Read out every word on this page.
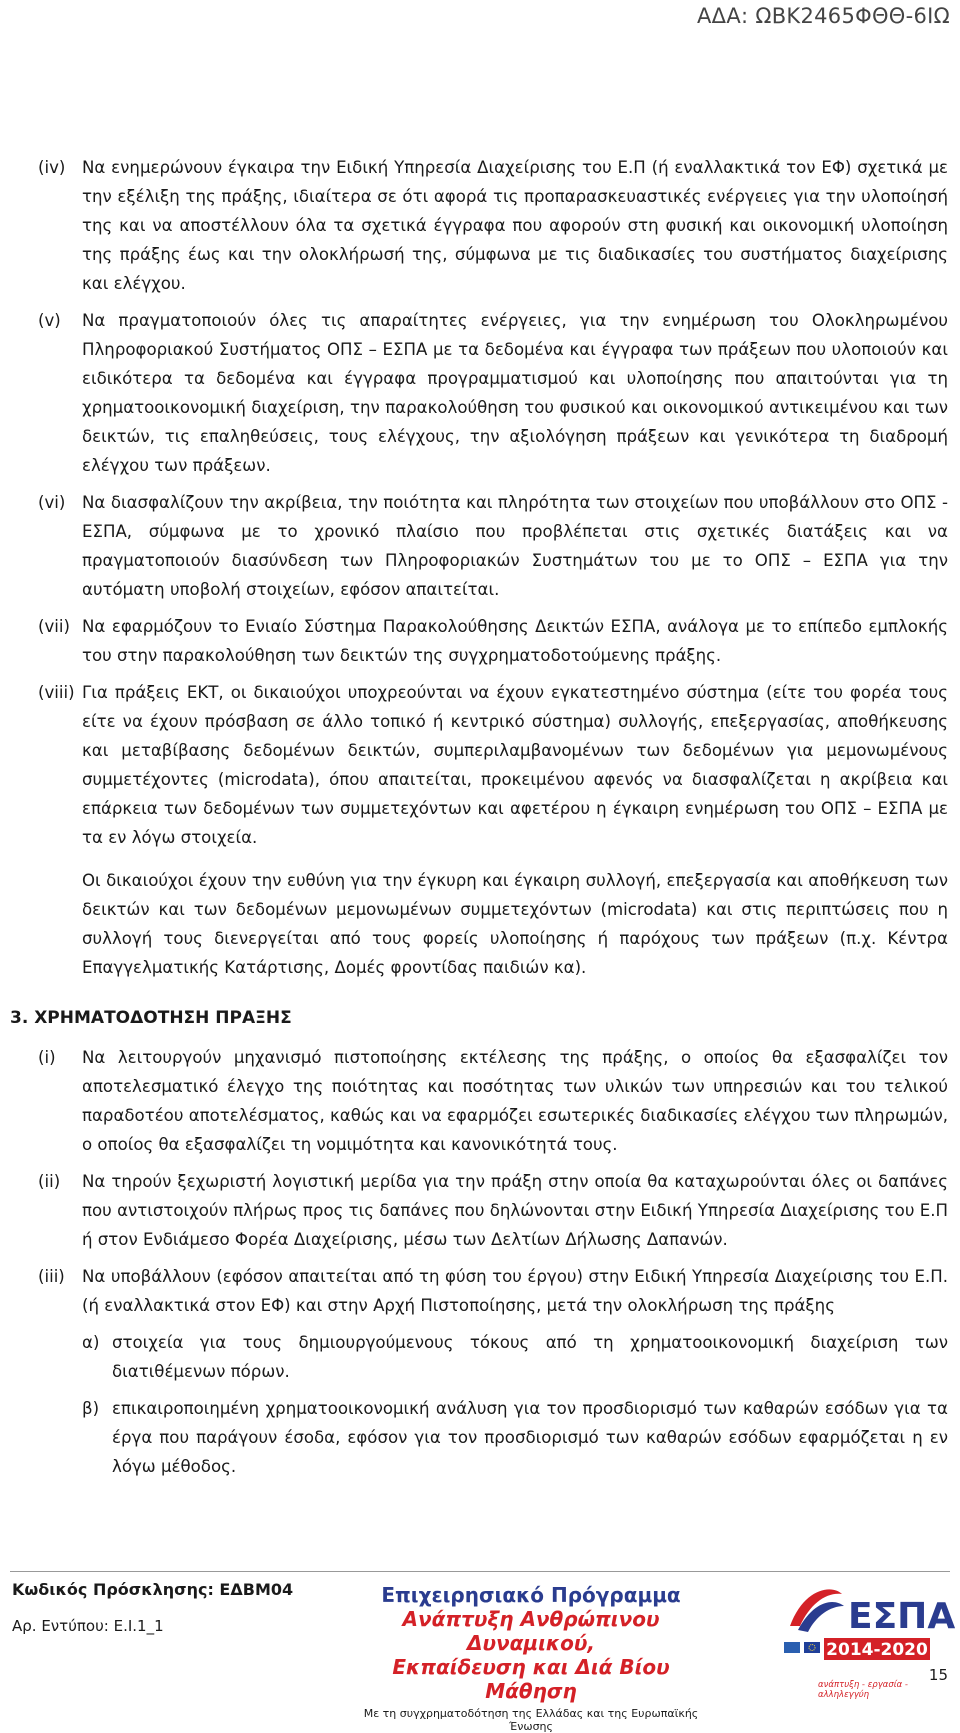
ΑΔΑ: ΩΒΚ2465ΦΘΘ-6ΙΩ
(iv)	Να ενημερώνουν έγκαιρα την Ειδική Υπηρεσία Διαχείρισης του Ε.Π (ή εναλλακτικά τον ΕΦ) σχετικά με την εξέλιξη της πράξης, ιδιαίτερα σε ότι αφορά τις προπαρασκευαστικές ενέργειες για την υλοποίησή της και να αποστέλλουν όλα τα σχετικά έγγραφα που αφορούν στη φυσική και οικονομική υλοποίηση της πράξης έως και την ολοκλήρωσή της, σύμφωνα με τις διαδικασίες του συστήματος διαχείρισης και ελέγχου.

(v)	Να πραγματοποιούν όλες τις απαραίτητες ενέργειες, για την ενημέρωση του Ολοκληρωμένου Πληροφοριακού Συστήματος ΟΠΣ – ΕΣΠΑ με τα δεδομένα και έγγραφα των πράξεων που υλοποιούν και ειδικότερα τα δεδομένα και έγγραφα προγραμματισμού και υλοποίησης που απαιτούνται για τη χρηματοοικονομική διαχείριση, την παρακολούθηση του φυσικού και οικονομικού αντικειμένου και των δεικτών, τις επαληθεύσεις, τους ελέγχους, την αξιολόγηση πράξεων και γενικότερα τη διαδρομή ελέγχου των πράξεων.

(vi)	Να διασφαλίζουν την ακρίβεια, την ποιότητα και πληρότητα των στοιχείων που υποβάλλουν στο ΟΠΣ - ΕΣΠΑ, σύμφωνα με το χρονικό πλαίσιο που προβλέπεται στις σχετικές διατάξεις και να πραγματοποιούν διασύνδεση των Πληροφοριακών Συστημάτων του με το ΟΠΣ – ΕΣΠΑ για την αυτόματη υποβολή στοιχείων, εφόσον απαιτείται.

(vii) Να εφαρμόζουν το Ενιαίο Σύστημα Παρακολούθησης Δεικτών ΕΣΠΑ, ανάλογα με το επίπεδο εμπλοκής του στην παρακολούθηση των δεικτών της συγχρηματοδοτούμενης πράξης.

(viii) Για πράξεις ΕΚΤ, οι δικαιούχοι υποχρεούνται να έχουν εγκατεστημένο σύστημα (είτε του φορέα τους είτε να έχουν πρόσβαση σε άλλο τοπικό ή κεντρικό σύστημα) συλλογής, επεξεργασίας, αποθήκευσης και μεταβίβασης δεδομένων δεικτών, συμπεριλαμβανομένων των δεδομένων για μεμονωμένους συμμετέχοντες (microdata), όπου απαιτείται, προκειμένου αφενός να διασφαλίζεται η ακρίβεια και επάρκεια των δεδομένων των συμμετεχόντων και αφετέρου η έγκαιρη ενημέρωση του ΟΠΣ – ΕΣΠΑ με τα εν λόγω στοιχεία.

Οι δικαιούχοι έχουν την ευθύνη για την έγκυρη και έγκαιρη συλλογή, επεξεργασία και αποθήκευση των δεικτών και των δεδομένων μεμονωμένων συμμετεχόντων (microdata) και στις περιπτώσεις που η συλλογή τους διενεργείται από τους φορείς υλοποίησης ή παρόχους των πράξεων (π.χ. Κέντρα Επαγγελματικής Κατάρτισης, Δομές φροντίδας παιδιών κα).

3. ΧΡΗΜΑΤΟΔΟΤΗΣΗ ΠΡΑΞΗΣ
(i)	Να λειτουργούν μηχανισμό πιστοποίησης εκτέλεσης της πράξης, ο οποίος θα εξασφαλίζει τον αποτελεσματικό έλεγχο της ποιότητας και ποσότητας των υλικών των υπηρεσιών και του τελικού παραδοτέου αποτελέσματος, καθώς και να εφαρμόζει εσωτερικές διαδικασίες ελέγχου των πληρωμών, ο οποίος θα εξασφαλίζει τη νομιμότητα και κανονικότητά τους.

(ii)	Να τηρούν ξεχωριστή λογιστική μερίδα για την πράξη στην οποία θα καταχωρούνται όλες οι δαπάνες που αντιστοιχούν πλήρως προς τις δαπάνες που δηλώνονται στην Ειδική Υπηρεσία Διαχείρισης του Ε.Π ή στον Ενδιάμεσο Φορέα Διαχείρισης, μέσω των Δελτίων Δήλωσης Δαπανών.

(iii)	Να υποβάλλουν (εφόσον απαιτείται από τη φύση του έργου) στην Ειδική Υπηρεσία Διαχείρισης του Ε.Π. (ή εναλλακτικά στον ΕΦ) και στην Αρχή Πιστοποίησης, μετά την ολοκλήρωση της πράξης

α) στοιχεία για τους δημιουργούμενους τόκους από τη χρηματοοικονομική διαχείριση των διατιθέμενων πόρων.
β) επικαιροποιημένη χρηματοοικονομική ανάλυση για τον προσδιορισμό των καθαρών εσόδων για τα έργα που παράγουν έσοδα, εφόσον για τον προσδιορισμό των καθαρών εσόδων εφαρμόζεται η εν λόγω μέθοδος.
Κωδικός Πρόσκλησης: ΕΔΒΜ04
Αρ. Εντύπου: Ε.Ι.1_1
Επιχειρησιακό Πρόγραμμα
Ανάπτυξη Ανθρώπινου Δυναμικού,
Εκπαίδευση και Διά Βίου Μάθηση
Με τη συγχρηματοδότηση της Ελλάδας και της Ευρωπαϊκής Ένωσης
ΕΣΠΑ
2014-2020
ανάπτυξη - εργασία - αλληλεγγύη
15
